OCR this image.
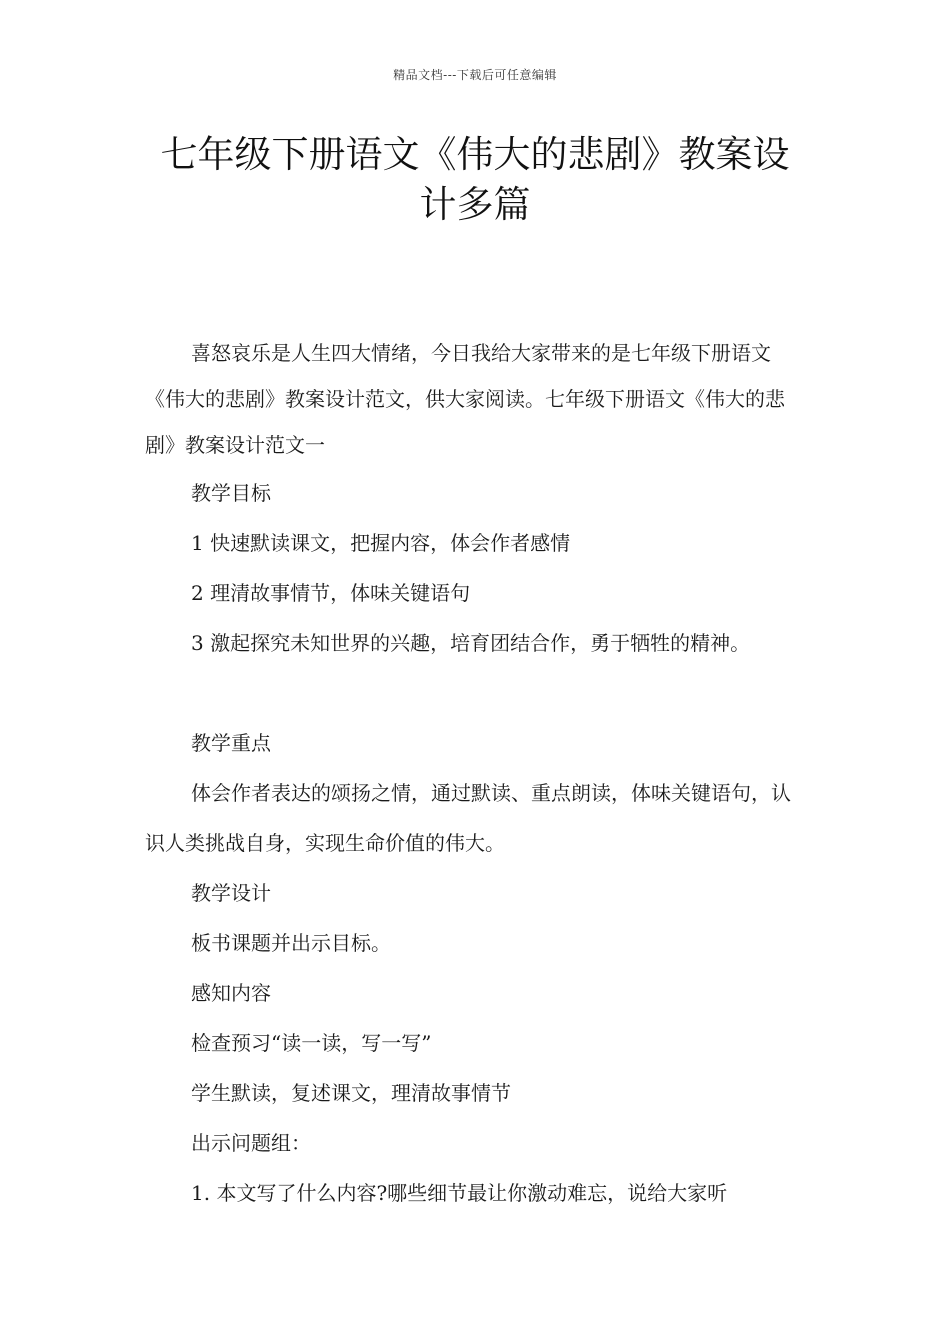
精品文档---下载后可任意编辑
七年级下册语文《伟大的悲剧》教案设
计多篇

喜怒哀乐是人生四大情绪，今日我给大家带来的是七年级下册语文《伟大的悲剧》教案设计范文，供大家阅读。七年级下册语文《伟大的悲剧》教案设计范文一

教学目标

1 快速默读课文，把握内容，体会作者感情

2 理清故事情节，体味关键语句

3 激起探究未知世界的兴趣，培育团结合作，勇于牺牲的精神。

教学重点

体会作者表达的颂扬之情，通过默读、重点朗读，体味关键语句，认识人类挑战自身，实现生命价值的伟大。

教学设计

板书课题并出示目标。

感知内容

检查预习“读一读，写一写”

学生默读，复述课文，理清故事情节

出示问题组：

1. 本文写了什么内容?哪些细节最让你激动难忘，说给大家听
